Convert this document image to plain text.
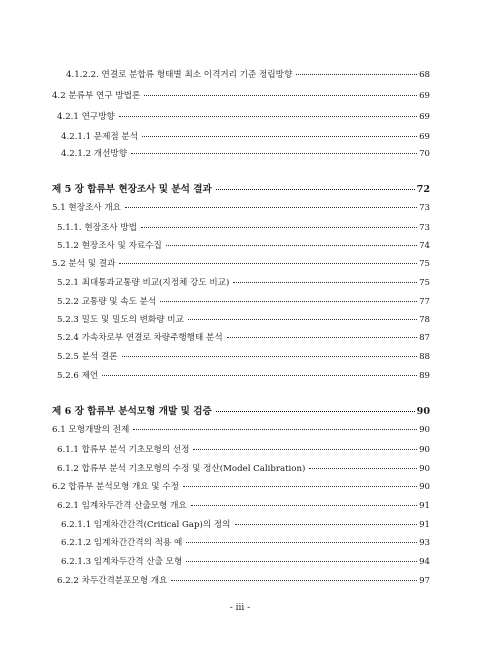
4.1.2.2. 연결로 분합류 형태별 최소 이격거리 기준 정립방향	68
4.2 분류부 연구 방법론	69
4.2.1 연구방향	69
4.2.1.1 문제점 분석	69
4.2.1.2 개선방향	70
제 5 장 합류부 현장조사 및 분석 결과	72
5.1 현장조사 개요	73
5.1.1. 현장조사 방법	73
5.1.2 현장조사 및 자료수집	74
5.2 분석 및 결과	75
5.2.1 최대통과교통량 비교(지정체 강도 비교)	75
5.2.2 교통량 및 속도 분석	77
5.2.3 밀도 및 밀도의 변화량 비교	78
5.2.4 가속차로부 연결로 차량주행행태 분석	87
5.2.5 분석 결론	88
5.2.6 제언	89
제 6 장 합류부 분석모형 개발 및 검증	90
6.1 모형개발의 전제	90
6.1.1 합류부 분석 기초모형의 선정	90
6.1.2 합류부 분석 기초모형의 수정 및 정산(Model Calibration)	90
6.2 합류부 분석모형 개요 및 수정	90
6.2.1 임계차두간격 산출모형 개요	91
6.2.1.1 임계차간간격(Critical Gap)의 정의	91
6.2.1.2 임계차간간격의 적용 예	93
6.2.1.3 임계차두간격 산출 모형	94
6.2.2 차두간격분포모형 개요	97
- iii -
